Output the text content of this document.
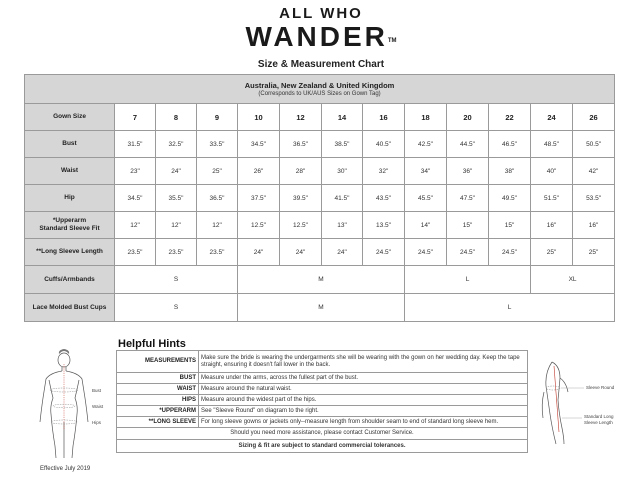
ALL WHO
WANDER™
Size & Measurement Chart
Australia, New Zealand & United Kingdom
(Corresponds to UK/AUS Sizes on Gown Tag)												

Gown Size	7	8	9	10	12	14	16	18	20	22	24	26
Bust	31.5"	32.5"	33.5"	34.5"	36.5"	38.5"	40.5"	42.5"	44.5"	46.5"	48.5"	50.5"
Waist	23"	24"	25"	26"	28"	30"	32"	34"	36"	38"	40"	42"
Hip	34.5"	35.5"	36.5"	37.5"	39.5"	41.5"	43.5"	45.5"	47.5"	49.5"	51.5"	53.5"

*Upperarm
Standard Sleeve Fit	12"	12"	12"	12.5"	12.5"	13"	13.5"	14"	15"	15"	16"	16"
**Long Sleeve Length	23.5"	23.5"	23.5"	24"	24"	24"	24.5"	24.5"	24.5"	24.5"	25"	25"
Cuffs/Armbands	S			M				L			XL	
Lace Molded Bust Cups	S			M				L				
Helpful Hints
MEASUREMENTS	Make sure the bride is wearing the undergarments she will be wearing with the gown on her wedding day. Keep the tape straight, ensuring it doesn't fall lower in the back.
BUST	Measure under the arms, across the fullest part of the bust.
WAIST	Measure around the natural waist.
HIPS	Measure around the widest part of the hips.
*UPPERARM	See "Sleeve Round" on diagram to the right.
**LONG SLEEVE	For long sleeve gowns or jackets only--measure length from shoulder seam to end of standard long sleeve hem.
Should you need more assistance, please contact Customer Service.	
Sizing & fit are subject to standard commercial tolerances.	
Bust
Waist
Hips
Sleeve Round
Standard Long
Sleeve Length
Effective July 2019
